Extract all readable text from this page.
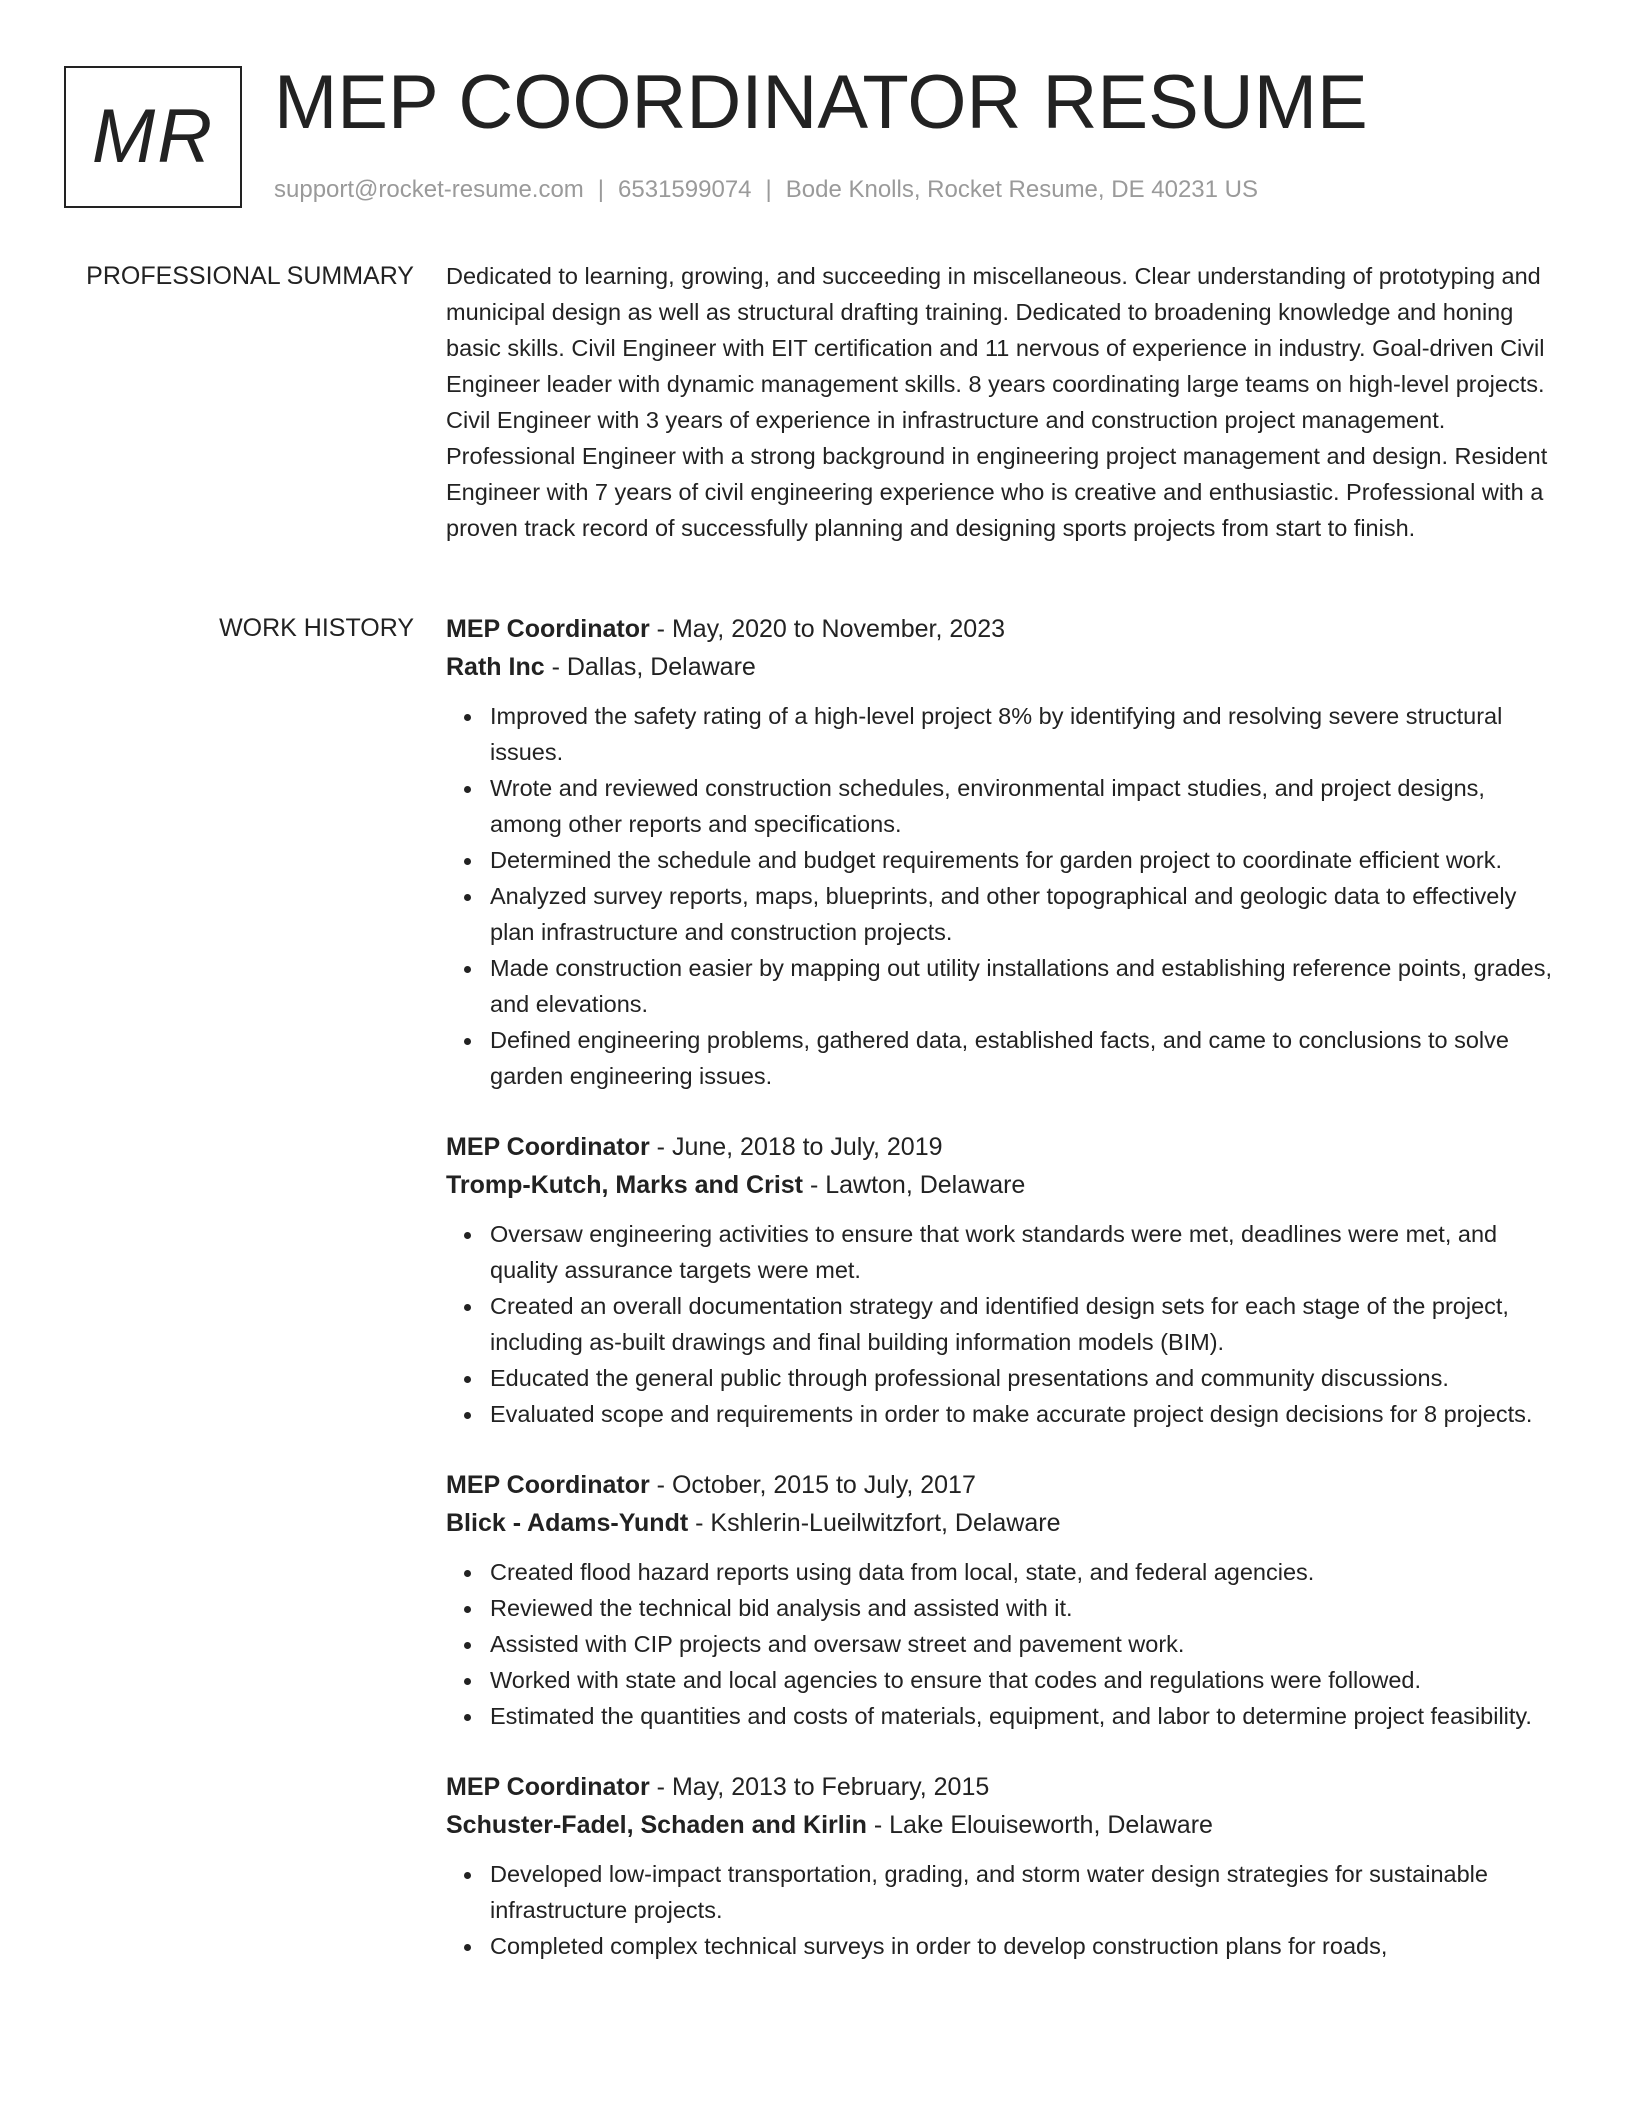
MR MEP COORDINATOR RESUME
support@rocket-resume.com | 6531599074 | Bode Knolls, Rocket Resume, DE 40231 US
PROFESSIONAL SUMMARY Dedicated to learning, growing, and succeeding in miscellaneous. Clear understanding of prototyping and municipal design as well as structural drafting training. Dedicated to broadening knowledge and honing basic skills. Civil Engineer with EIT certification and 11 nervous of experience in industry. Goal-driven Civil Engineer leader with dynamic management skills. 8 years coordinating large teams on high-level projects. Civil Engineer with 3 years of experience in infrastructure and construction project management. Professional Engineer with a strong background in engineering project management and design. Resident Engineer with 7 years of civil engineering experience who is creative and enthusiastic. Professional with a proven track record of successfully planning and designing sports projects from start to finish.

WORK HISTORY MEP Coordinator - May, 2020 to November, 2023
Rath Inc - Dallas, Delaware
Improved the safety rating of a high-level project 8% by identifying and resolving severe structural issues.
Wrote and reviewed construction schedules, environmental impact studies, and project designs, among other reports and specifications.
Determined the schedule and budget requirements for garden project to coordinate efficient work.
Analyzed survey reports, maps, blueprints, and other topographical and geologic data to effectively plan infrastructure and construction projects.
Made construction easier by mapping out utility installations and establishing reference points, grades, and elevations.
Defined engineering problems, gathered data, established facts, and came to conclusions to solve garden engineering issues.
MEP Coordinator - June, 2018 to July, 2019
Tromp-Kutch, Marks and Crist - Lawton, Delaware
Oversaw engineering activities to ensure that work standards were met, deadlines were met, and quality assurance targets were met.
Created an overall documentation strategy and identified design sets for each stage of the project, including as-built drawings and final building information models (BIM).
Educated the general public through professional presentations and community discussions.
Evaluated scope and requirements in order to make accurate project design decisions for 8 projects.
MEP Coordinator - October, 2015 to July, 2017
Blick - Adams-Yundt - Kshlerin-Lueilwitzfort, Delaware
Created flood hazard reports using data from local, state, and federal agencies.
Reviewed the technical bid analysis and assisted with it.
Assisted with CIP projects and oversaw street and pavement work.
Worked with state and local agencies to ensure that codes and regulations were followed.
Estimated the quantities and costs of materials, equipment, and labor to determine project feasibility.
MEP Coordinator - May, 2013 to February, 2015
Schuster-Fadel, Schaden and Kirlin - Lake Elouiseworth, Delaware
Developed low-impact transportation, grading, and storm water design strategies for sustainable infrastructure projects.
Completed complex technical surveys in order to develop construction plans for roads,
